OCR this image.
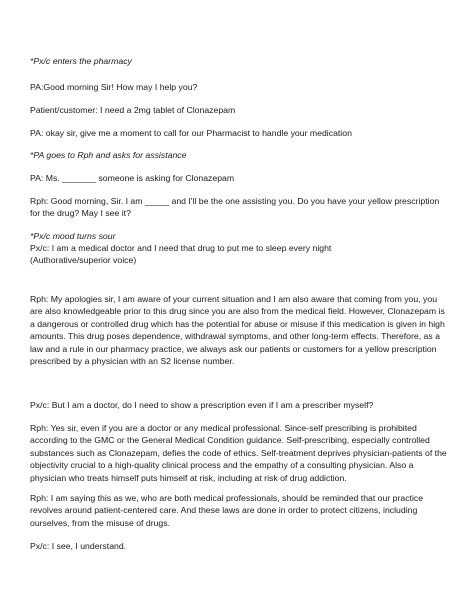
*Px/c enters the pharmacy
PA:Good morning Sir! How may I help you?
Patient/customer: I need a 2mg tablet of Clonazepam
PA: okay sir, give me a moment to call for our Pharmacist to handle your medication
*PA goes to Rph and asks for assistance
PA: Ms. _______ someone is asking for Clonazepam
Rph: Good morning, Sir. I am _____ and I'll be the one assisting you. Do you have your yellow prescription for the drug? May I see it?
*Px/c mood turns sour
Px/c: I am a medical doctor and I need that drug to put me to sleep every night
(Authorative/superior voice)
Rph: My apologies sir, I am aware of your current situation and I am also aware that coming from you, you are also knowledgeable prior to this drug since you are also from the medical field. However, Clonazepam is a dangerous or controlled drug which has the potential for abuse or misuse if this medication is given in high amounts. This drug poses dependence, withdrawal symptoms, and other long-term effects. Therefore, as a law and a rule in our pharmacy practice, we always ask our patients or customers for a yellow prescription prescribed by a physician with an S2 license number.
Px/c: But I am a doctor, do I need to show a prescription even if I am a prescriber myself?
Rph: Yes sir, even if you are a doctor or any medical professional. Since-self prescribing is prohibited according to the GMC or the General Medical Condition guidance. Self-prescribing, especially controlled substances such as Clonazepam, defies the code of ethics. Self-treatment deprives physician-patients of the objectivity crucial to a high-quality clinical process and the empathy of a consulting physician. Also a physician who treats himself puts himself at risk, including at risk of drug addiction.
Rph: I am saying this as we, who are both medical professionals, should be reminded that our practice revolves around patient-centered care. And these laws are done in order to protect citizens, including ourselves, from the misuse of drugs.
Px/c: I see, I understand.
